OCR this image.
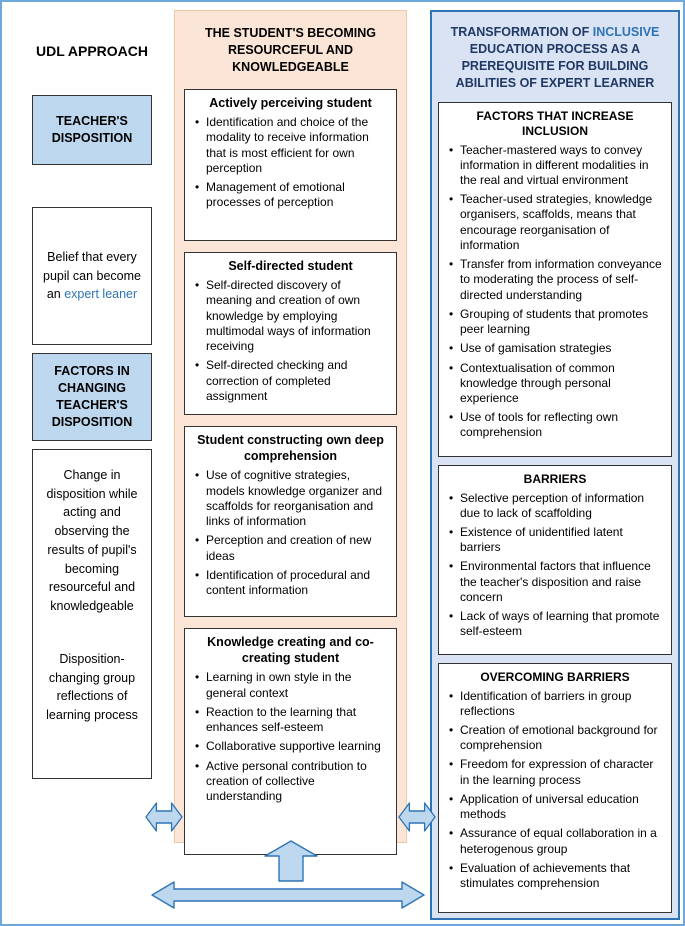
UDL APPROACH
TEACHER'S DISPOSITION
Belief that every pupil can become an expert leaner
FACTORS IN CHANGING TEACHER'S DISPOSITION
Change in disposition while acting and observing the results of pupil's becoming resourceful and knowledgeable
Disposition-changing group reflections of learning process
THE STUDENT'S BECOMING RESOURCEFUL AND KNOWLEDGEABLE
Actively perceiving student
• Identification and choice of the modality to receive information that is most efficient for own perception
• Management of emotional processes of perception
Self-directed student
• Self-directed discovery of meaning and creation of own knowledge by employing multimodal ways of information receiving
• Self-directed checking and correction of completed assignment
Student constructing own deep comprehension
• Use of cognitive strategies, models knowledge organizer and scaffolds for reorganisation and links of information
• Perception and creation of new ideas
• Identification of procedural and content information
Knowledge creating and co-creating student
• Learning in own style in the general context
• Reaction to the learning that enhances self-esteem
• Collaborative supportive learning
• Active personal contribution to creation of collective understanding
TRANSFORMATION OF INCLUSIVE EDUCATION PROCESS AS A PREREQUISITE FOR BUILDING ABILITIES OF EXPERT LEARNER
FACTORS THAT INCREASE INCLUSION
• Teacher-mastered ways to convey information in different modalities in the real and virtual environment
• Teacher-used strategies, knowledge organisers, scaffolds, means that encourage reorganisation of information
• Transfer from information conveyance to moderating the process of self-directed understanding
• Grouping of students that promotes peer learning
• Use of gamisation strategies
• Contextualisation of common knowledge through personal experience
• Use of tools for reflecting own comprehension
BARRIERS
• Selective perception of information due to lack of scaffolding
• Existence of unidentified latent barriers
• Environmental factors that influence the teacher's disposition and raise concern
• Lack of ways of learning that promote self-esteem
OVERCOMING BARRIERS
• Identification of barriers in group reflections
• Creation of emotional background for comprehension
• Freedom for expression of character in the learning process
• Application of universal education methods
• Assurance of equal collaboration in a heterogenous group
• Evaluation of achievements that stimulates comprehension
